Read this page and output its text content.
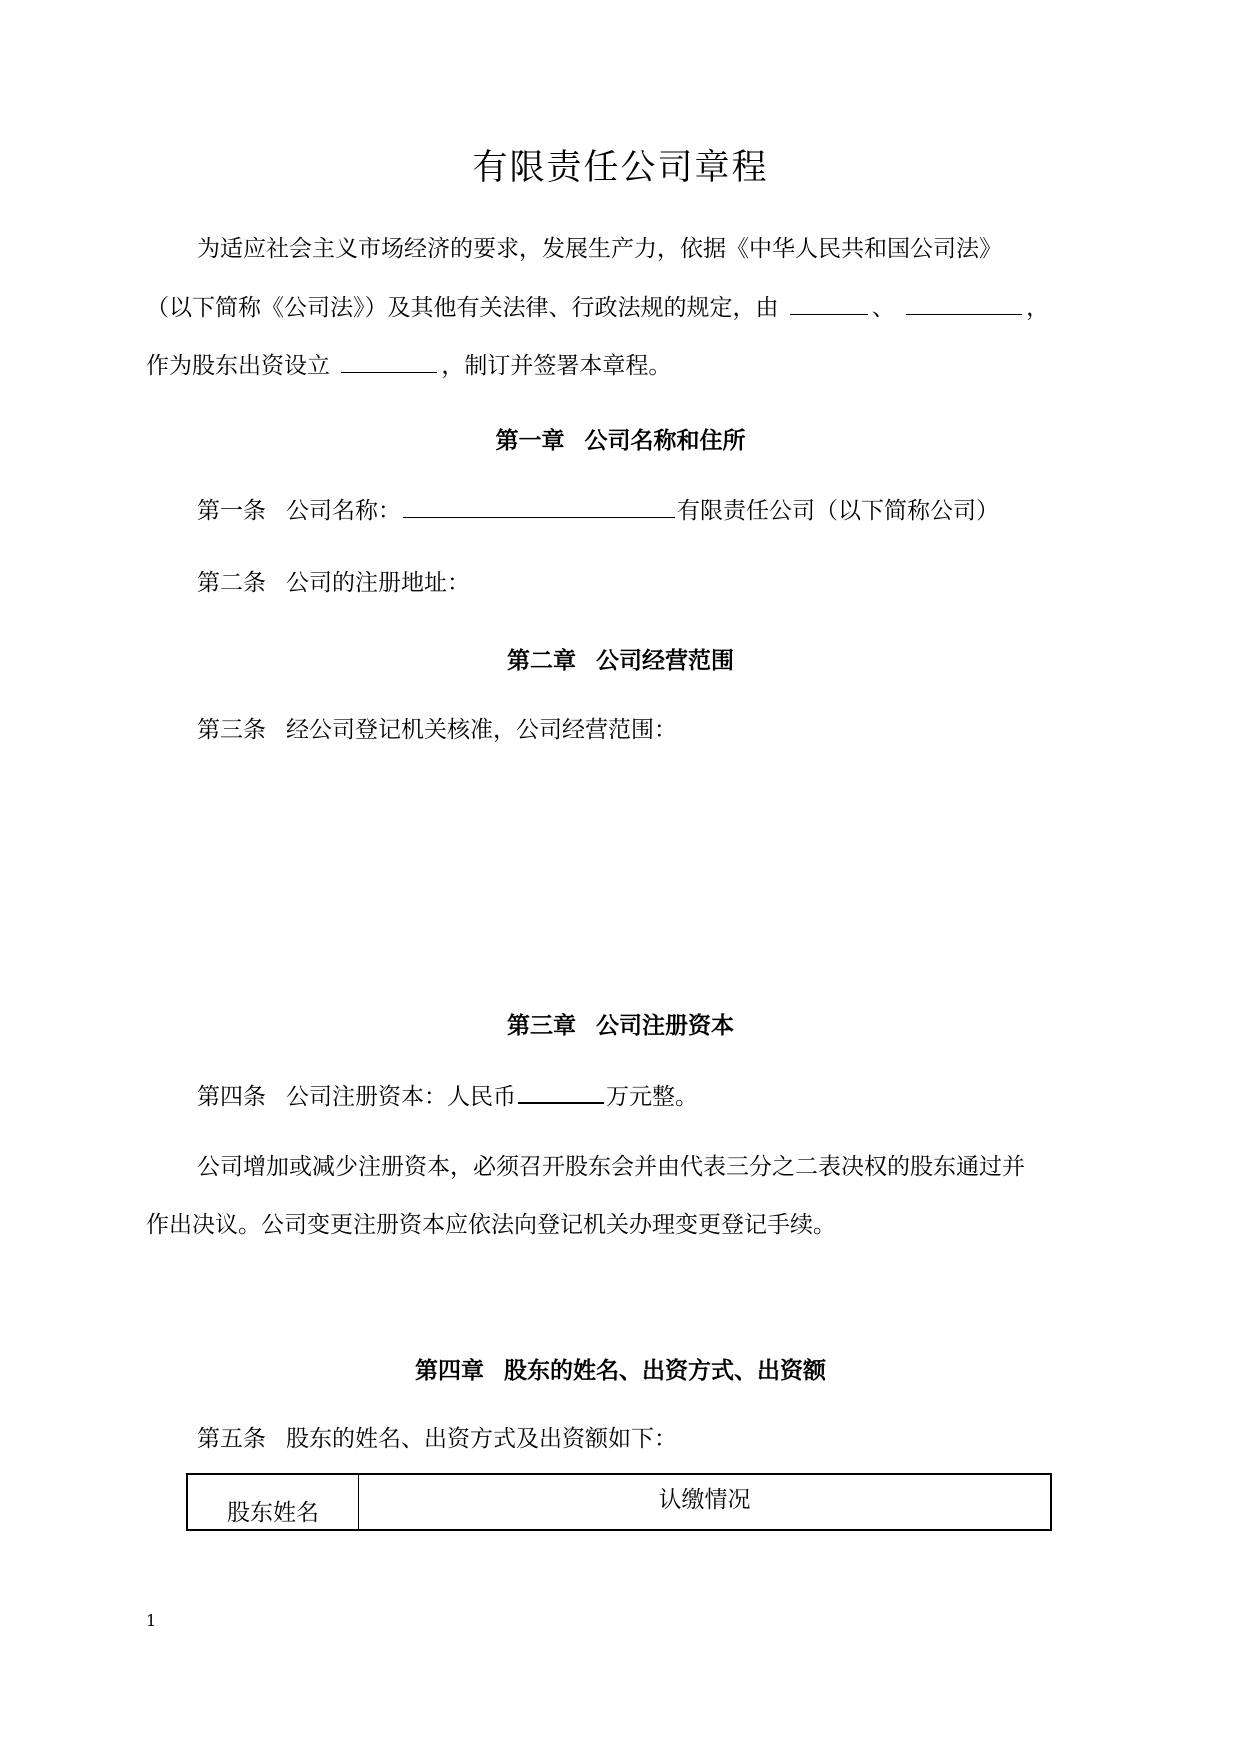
有限责任公司章程
为适应社会主义市场经济的要求，发展生产力，依据《中华人民共和国公司法》
（以下简称《公司法》）及其他有关法律、行政法规的规定，由	、	，
作为股东出资设立	，制订并签署本章程。
第一章 公司名称和住所
第一条 公司名称：	有限责任公司（以下简称公司）
第二条 公司的注册地址：
第二章 公司经营范围
第三条 经公司登记机关核准，公司经营范围：
第三章 公司注册资本
第四条 公司注册资本：人民币	万元整。
公司增加或减少注册资本，必须召开股东会并由代表三分之二表决权的股东通过并
作出决议。公司变更注册资本应依法向登记机关办理变更登记手续。
第四章 股东的姓名、出资方式、出资额
第五条 股东的姓名、出资方式及出资额如下：
股东姓名	认缴情况
1
